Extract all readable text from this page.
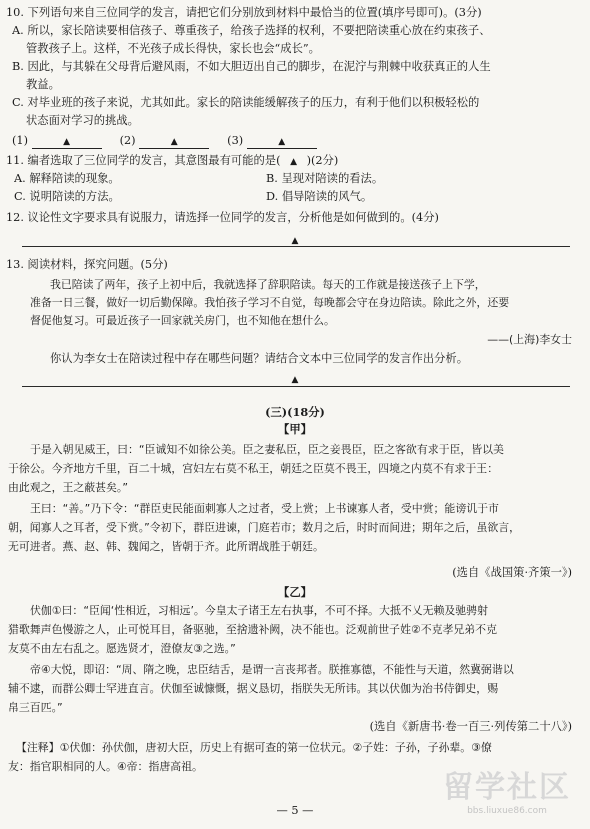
10. 下列语句来自三位同学的发言，请把它们分别放到材料中最恰当的位置(填序号即可)。(3分)
A. 所以，家长陪读要相信孩子、尊重孩子，给孩子选择的权利，不要把陪读重心放在约束孩子、
管教孩子上。这样，不光孩子成长得快，家长也会“成长”。
B. 因此，与其躲在父母背后避风雨，不如大胆迈出自己的脚步，在泥泞与荆棘中收获真正的人生
教益。
C. 对毕业班的孩子来说，尤其如此。家长的陪读能缓解孩子的压力，有利于他们以积极轻松的
状态面对学习的挑战。
(1)	▲	(2)	▲	(3)	▲
11. 编者选取了三位同学的发言，其意图最有可能的是( ▲ )(2分)
A. 解释陪读的现象。	B. 呈现对陪读的看法。
C. 说明陪读的方法。	D. 倡导陪读的风气。
12. 议论性文字要求具有说服力，请选择一位同学的发言，分析他是如何做到的。(4分)
▲
13. 阅读材料，探究问题。(5分)
我已陪读了两年，孩子上初中后，我就选择了辞职陪读。每天的工作就是接送孩子上下学，
准备一日三餐，做好一切后勤保障。我怕孩子学习不自觉，每晚都会守在身边陪读。除此之外，还要
督促他复习。可最近孩子一回家就关房门，也不知他在想什么。
——(上海)李女士
你认为李女士在陪读过程中存在哪些问题？请结合文本中三位同学的发言作出分析。
▲
(三)(18分)
【甲】
于是入朝见威王，曰：“臣诚知不如徐公美。臣之妻私臣，臣之妾畏臣，臣之客欲有求于臣，皆以美
于徐公。今齐地方千里，百二十城，宫妇左右莫不私王，朝廷之臣莫不畏王，四境之内莫不有求于王：
由此观之，王之蔽甚矣。”
王曰：“善。”乃下令：“群臣吏民能面刺寡人之过者，受上赏；上书谏寡人者，受中赏；能谤讥于市
朝，闻寡人之耳者，受下赏。”令初下，群臣进谏，门庭若市；数月之后，时时而间进；期年之后，虽欲言，
无可进者。燕、赵、韩、魏闻之，皆朝于齐。此所谓战胜于朝廷。
(选自《战国策·齐策一》)
【乙】
伏伽①曰：“臣闻‘性相近，习相远’。今皇太子诸王左右执事，不可不择。大抵不乂无赖及驰骋射
猎歌舞声色慢游之人，止可悦耳目，备驱驰，至捨遗补阙，决不能也。泛观前世子姓②不克孝兄弟不克
友莫不由左右乱之。愿选贤才，澄僚友③之选。”
帝④大悦，即诏：“周、隋之晚，忠臣结舌，是谓一言丧邦者。朕推寡德，不能性与天道，然冀弼谐以
辅不逮，而群公卿士罕进直言。伏伽至诚慷慨，据义恳切，指朕失无所讳。其以伏伽为治书侍御史，赐
帛三百匹。”
(选自《新唐书·卷一百三·列传第二十八》)
【注释】①伏伽：孙伏伽，唐初大臣，历史上有据可查的第一位状元。②子姓：子孙，子孙辈。③僚
友：指官职相同的人。④帝：指唐高祖。
— 5 —
留学社区
bbs.liuxue86.com
